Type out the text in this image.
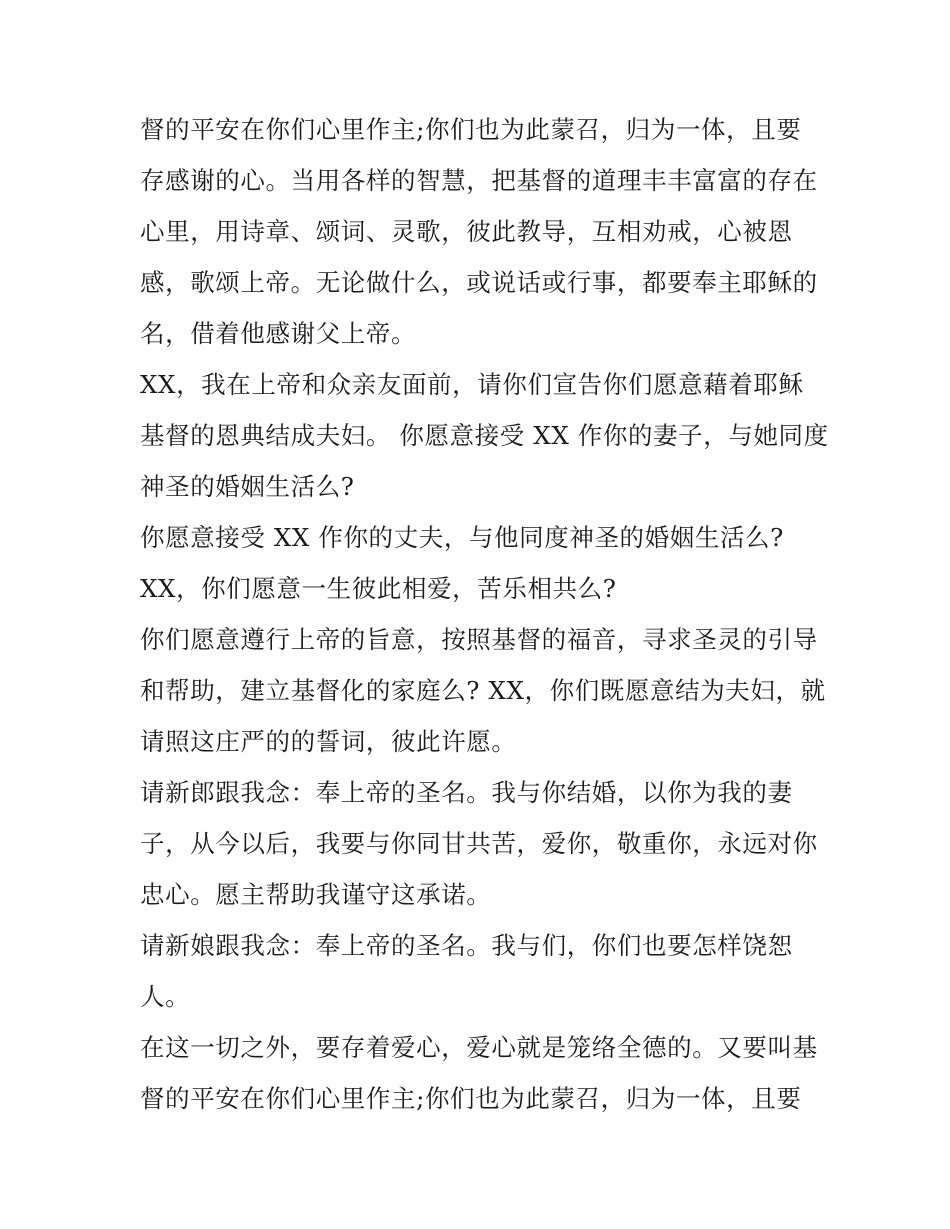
督的平安在你们心里作主;你们也为此蒙召，归为一体，且要
存感谢的心。当用各样的智慧，把基督的道理丰丰富富的存在
心里，用诗章、颂词、灵歌，彼此教导，互相劝戒，心被恩
感，歌颂上帝。无论做什么，或说话或行事，都要奉主耶稣的
名，借着他感谢父上帝。
XX，我在上帝和众亲友面前，请你们宣告你们愿意藉着耶稣
基督的恩典结成夫妇。 你愿意接受 XX 作你的妻子，与她同度
神圣的婚姻生活么?
你愿意接受 XX 作你的丈夫，与他同度神圣的婚姻生活么?
XX，你们愿意一生彼此相爱，苦乐相共么?
你们愿意遵行上帝的旨意，按照基督的福音，寻求圣灵的引导
和帮助，建立基督化的家庭么? XX，你们既愿意结为夫妇，就
请照这庄严的的誓词，彼此许愿。
请新郎跟我念：奉上帝的圣名。我与你结婚，以你为我的妻
子，从今以后，我要与你同甘共苦，爱你，敬重你，永远对你
忠心。愿主帮助我谨守这承诺。
请新娘跟我念：奉上帝的圣名。我与们，你们也要怎样饶恕
人。
在这一切之外，要存着爱心，爱心就是笼络全德的。又要叫基
督的平安在你们心里作主;你们也为此蒙召，归为一体，且要
